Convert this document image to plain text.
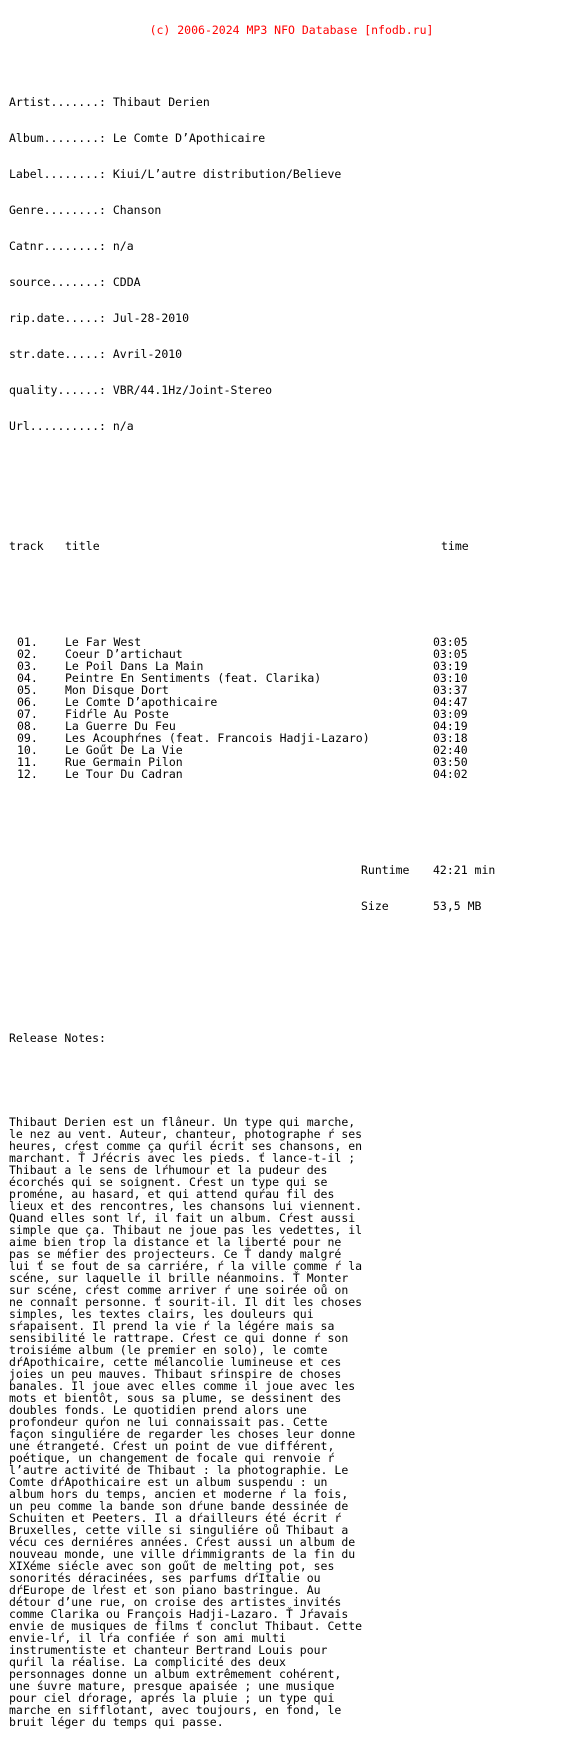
(c) 2006-2024 MP3 NFO Database [nfodb.ru]

Artist.......: Thibaut Derien

Album........: Le Comte D’Apothicaire

Label........: Kiui/L’autre distribution/Believe

Genre........: Chanson

Catnr........: n/a

source.......: CDDA

rip.date.....: Jul-28-2010

str.date.....: Avril-2010

quality......: VBR/44.1Hz/Joint-Stereo

Url..........: n/a

track	title	time

01.	Le Far West	03:05
02.	Coeur D’artichaut	03:05
03.	Le Poil Dans La Main	03:19
04.	Peintre En Sentiments (feat. Clarika)	03:10
05.	Mon Disque Dort	03:37
06.	Le Comte D’apothicaire	04:47
07.	Fidŕle Au Poste	03:09
08.	La Guerre Du Feu	04:19
09.	Les Acouphŕnes (feat. Francois Hadji-Lazaro)	03:18
10.	Le Goűt De La Vie	02:40
11.	Rue Germain Pilon	03:50
12.	Le Tour Du Cadran	04:02

Runtime	42:21 min

Size	53,5 MB

Release Notes:

Thibaut Derien est un flâneur. Un type qui marche,
le nez au vent. Auteur, chanteur, photographe ŕ ses
heures, cŕest comme ça quŕil écrit ses chansons, en
marchant. Ť Jŕécris avec les pieds. ť lance-t-il ;
Thibaut a le sens de lŕhumour et la pudeur des
écorchés qui se soignent. Cŕest un type qui se
proméne, au hasard, et qui attend quŕau fil des
lieux et des rencontres, les chansons lui viennent.
Quand elles sont lŕ, il fait un album. Cŕest aussi
simple que ça. Thibaut ne joue pas les vedettes, il
aime bien trop la distance et la liberté pour ne
pas se méfier des projecteurs. Ce Ť dandy malgré
lui ť se fout de sa carriére, ŕ la ville comme ŕ la
scéne, sur laquelle il brille néanmoins. Ť Monter
sur scéne, cŕest comme arriver ŕ une soirée oů on
ne connaît personne. ť sourit-il. Il dit les choses
simples, les textes clairs, les douleurs qui
sŕapaisent. Il prend la vie ŕ la légére mais sa
sensibilité le rattrape. Cŕest ce qui donne ŕ son
troisiéme album (le premier en solo), le comte
dŕApothicaire, cette mélancolie lumineuse et ces
joies un peu mauves. Thibaut sŕinspire de choses
banales. Il joue avec elles comme il joue avec les
mots et bientôt, sous sa plume, se dessinent des
doubles fonds. Le quotidien prend alors une
profondeur quŕon ne lui connaissait pas. Cette
façon singuliére de regarder les choses leur donne
une étrangeté. Cŕest un point de vue différent,
poétique, un changement de focale qui renvoie ŕ
l’autre activité de Thibaut : la photographie. Le
Comte dŕApothicaire est un album suspendu : un
album hors du temps, ancien et moderne ŕ la fois,
un peu comme la bande son dŕune bande dessinée de
Schuiten et Peeters. Il a dŕailleurs été écrit ŕ
Bruxelles, cette ville si singuliére oů Thibaut a
vécu ces derniéres années. Cŕest aussi un album de
nouveau monde, une ville dŕimmigrants de la fin du
XIXéme siécle avec son goűt de melting pot, ses
sonorités déracinées, ses parfums dŕItalie ou
dŕEurope de lŕest et son piano bastringue. Au
détour d’une rue, on croise des artistes invités
comme Clarika ou François Hadji-Lazaro. Ť Jŕavais
envie de musiques de films ť conclut Thibaut. Cette
envie-lŕ, il lŕa confiée ŕ son ami multi
instrumentiste et chanteur Bertrand Louis pour
quŕil la réalise. La complicité des deux
personnages donne un album extrêmement cohérent,
une śuvre mature, presque apaisée ; une musique
pour ciel dŕorage, aprés la pluie ; un type qui
marche en sifflotant, avec toujours, en fond, le
bruit léger du temps qui passe.
